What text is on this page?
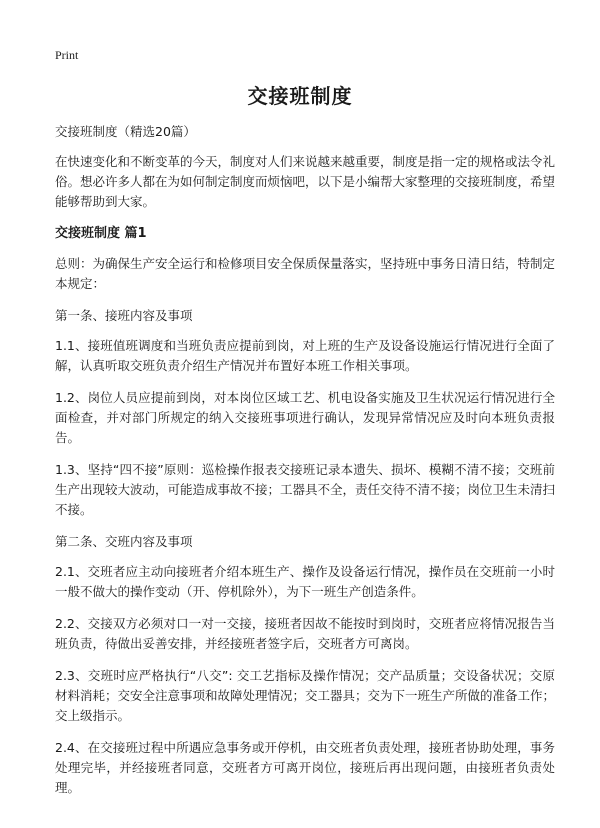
Print
交接班制度

交接班制度（精选20篇）

在快速变化和不断变革的今天，制度对人们来说越来越重要，制度是指一定的规格或法令礼俗。想必许多人都在为如何制定制度而烦恼吧，以下是小编帮大家整理的交接班制度，希望能够帮助到大家。

交接班制度 篇1

总则：为确保生产安全运行和检修项目安全保质保量落实，坚持班中事务日清日结，特制定本规定：

第一条、接班内容及事项

1.1、接班值班调度和当班负责应提前到岗，对上班的生产及设备设施运行情况进行全面了解，认真听取交班负责介绍生产情况并布置好本班工作相关事项。

1.2、岗位人员应提前到岗，对本岗位区域工艺、机电设备实施及卫生状况运行情况进行全面检查，并对部门所规定的纳入交接班事项进行确认，发现异常情况应及时向本班负责报告。

1.3、坚持“四不接”原则：巡检操作报表交接班记录本遗失、损坏、模糊不清不接；交班前生产出现较大波动，可能造成事故不接；工器具不全，责任交待不清不接；岗位卫生未清扫不接。

第二条、交班内容及事项

2.1、交班者应主动向接班者介绍本班生产、操作及设备运行情况，操作员在交班前一小时一般不做大的操作变动（开、停机除外），为下一班生产创造条件。

2.2、交接双方必须对口一对一交接，接班者因故不能按时到岗时，交班者应将情况报告当班负责，待做出妥善安排，并经接班者签字后，交班者方可离岗。

2.3、交班时应严格执行“八交”: 交工艺指标及操作情况；交产品质量；交设备状况；交原材料消耗；交安全注意事项和故障处理情况；交工器具；交为下一班生产所做的准备工作；交上级指示。

2.4、在交接班过程中所遇应急事务或开停机，由交班者负责处理，接班者协助处理，事务处理完毕，并经接班者同意，交班者方可离开岗位，接班后再出现问题，由接班者负责处理。
